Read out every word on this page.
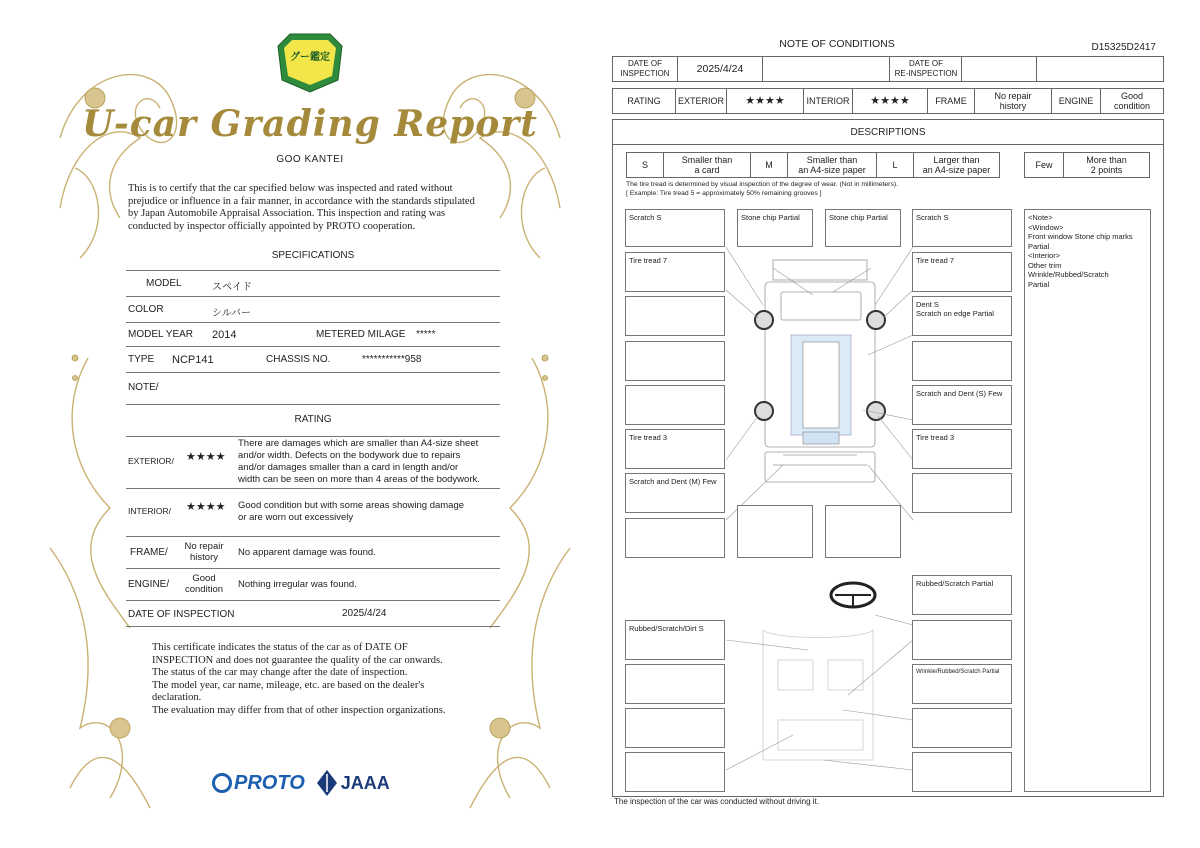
グー鑑定
U-car Grading Report
GOO KANTEI
This is to certify that the car specified below was inspected and rated without
prejudice or influence in a fair manner, in accordance with the standards stipulated
by Japan Automobile Appraisal Association. This inspection and rating was
conducted by inspector officially appointed by PROTO cooperation.
SPECIFICATIONS
MODEL	スペイド
COLOR	シルバー
MODEL YEAR 2014	METERED MILAGE *****
TYPE NCP141	CHASSIS NO.	***********958
NOTE/
RATING
EXTERIOR/ ★★★★
There are damages which are smaller than A4-size sheet
and/or width. Defects on the bodywork due to repairs
and/or damages smaller than a card in length and/or
width can be seen on more than 4 areas of the bodywork.
INTERIOR/ ★★★★ Good condition but with some areas showing damage
or are worn out excessively
FRAME/
No repair
history	No apparent damage was found.
ENGINE/
Good
condition	Nothing irregular was found.
DATE OF INSPECTION	2025/4/24
This certificate indicates the status of the car as of DATE OF
INSPECTION and does not guarantee the quality of the car onwards.
The status of the car may change after the date of inspection.
The model year, car name, mileage, etc. are based on the dealer's
declaration.
The evaluation may differ from that of other inspection organizations.
PROTO JAAA
NOTE OF CONDITIONS	D15325D2417
DATE OF
INSPECTION	2025/4/24	DATE OF
RE-INSPECTION
RATING	EXTERIOR	★★★★	INTERIOR	★★★★	FRAME	No repair
history	ENGINE	Good
condition
DESCRIPTIONS
S	Smaller than
a card	M	Smaller than
an A4-size paper	L	Larger than
an A4-size paper	Few	More than
2 points
The tire tread is determined by visual inspection of the degree of wear. (Not in millimeters).
[ Example: Tire tread 5 = approximately 50% remaining grooves ]
Scratch S	Stone chip Partial	Stone chip Partial	Scratch S
Tire tread 7	Tire tread 7
Dent S
Scratch on edge Partial
Scratch and Dent (S) Few
Tire tread 3	Tire tread 3
Scratch and Dent (M) Few
Rubbed/Scratch Partial
Rubbed/Scratch/Dirt S
Wrinkle/Rubbed/Scratch Partial
<Note>
<Window>
Front window Stone chip marks
Partial
<Interior>
Other trim
Wrinkle/Rubbed/Scratch
Partial
The inspection of the car was conducted without driving it.
